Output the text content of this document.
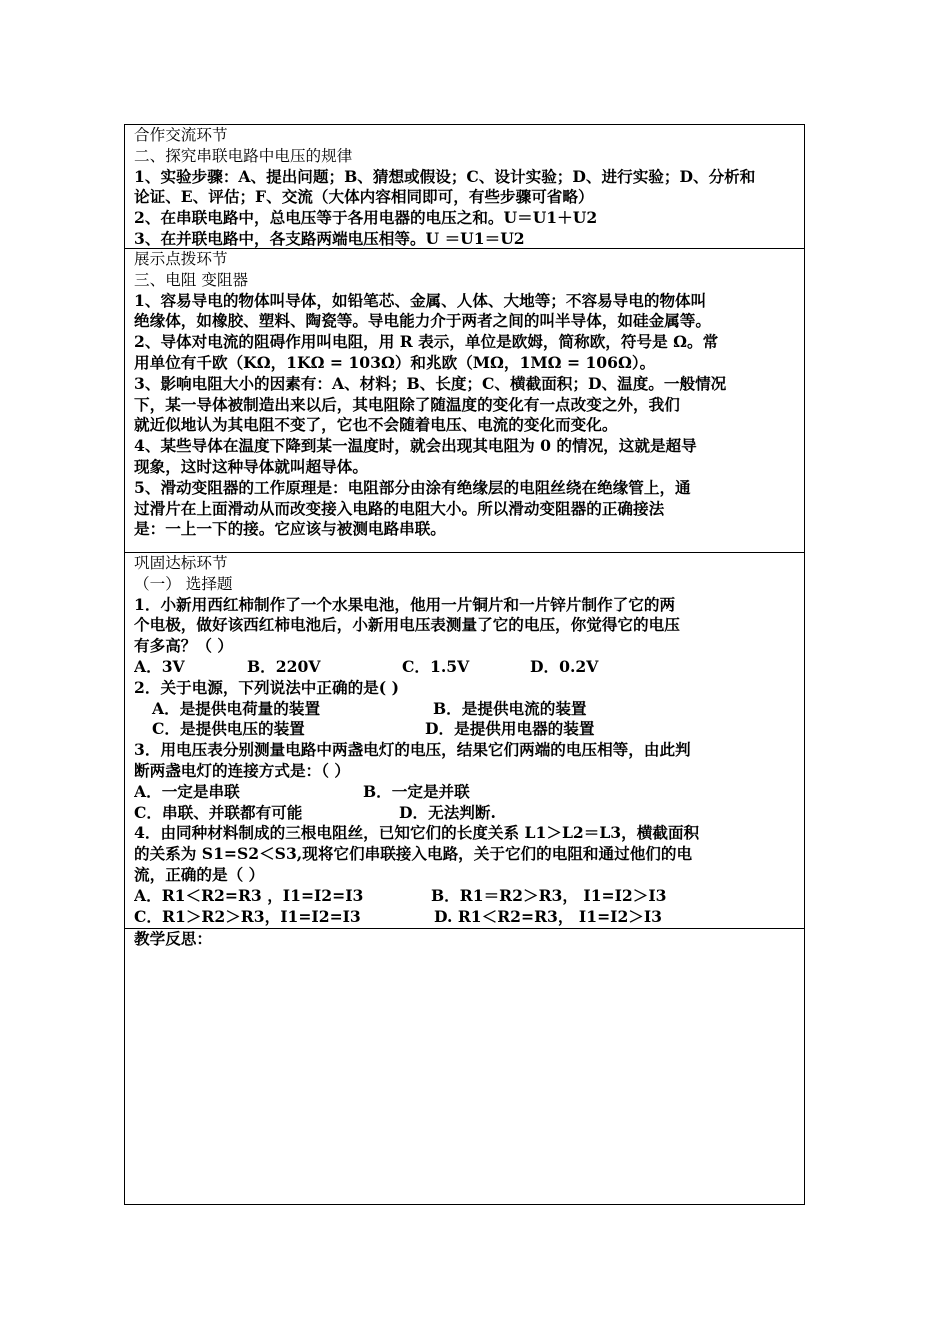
合作交流环节
二、探究串联电路中电压的规律
1、实验步骤：A、提出问题；B、猜想或假设；C、设计实验；D、进行实验；D、分析和
论证、E、评估；F、交流（大体内容相同即可，有些步骤可省略）
2、在串联电路中，总电压等于各用电器的电压之和。U＝U1＋U2
3、在并联电路中，各支路两端电压相等。U ＝U1＝U2
展示点拨环节
三、电阻 变阻器
1、容易导电的物体叫导体，如铅笔芯、金属、人体、大地等；不容易导电的物体叫
绝缘体，如橡胶、塑料、陶瓷等。导电能力介于两者之间的叫半导体，如硅金属等。
2、导体对电流的阻碍作用叫电阻，用 R 表示，单位是欧姆，简称欧，符号是 Ω。常
用单位有千欧（KΩ，1KΩ = 103Ω）和兆欧（MΩ，1MΩ = 106Ω）。
3、影响电阻大小的因素有：A、材料；B、长度；C、横截面积；D、温度。一般情况
下，某一导体被制造出来以后，其电阻除了随温度的变化有一点改变之外，我们
就近似地认为其电阻不变了，它也不会随着电压、电流的变化而变化。
4、某些导体在温度下降到某一温度时，就会出现其电阻为 0 的情况，这就是超导
现象，这时这种导体就叫超导体。
5、滑动变阻器的工作原理是：电阻部分由涂有绝缘层的电阻丝绕在绝缘管上，通
过滑片在上面滑动从而改变接入电路的电阻大小。所以滑动变阻器的正确接法
是：一上一下的接。它应该与被测电路串联。
巩固达标环节
（一） 选择题
1．小新用西红柿制作了一个水果电池，他用一片铜片和一片锌片制作了它的两
个电极，做好该西红柿电池后，小新用电压表测量了它的电压，你觉得它的电压
有多高？（ ）
A．3V	B．220V	C．1.5V	D．0.2V
2．关于电源，下列说法中正确的是( )
A．是提供电荷量的装置	B．是提供电流的装置
C．是提供电压的装置	D．是提供用电器的装置
3．用电压表分别测量电路中两盏电灯的电压，结果它们两端的电压相等，由此判
断两盏电灯的连接方式是：（ ）
A．一定是串联	B．一定是并联
C．串联、并联都有可能	D．无法判断.
4．由同种材料制成的三根电阻丝，已知它们的长度关系 L1＞L2＝L3，横截面积
的关系为 S1=S2＜S3,现将它们串联接入电路，关于它们的电阻和通过他们的电
流，正确的是（ ）
A．R1＜R2=R3 ，I1=I2=I3	B．R1＝R2＞R3， I1=I2＞I3
C．R1＞R2＞R3，I1=I2=I3	D. R1＜R2=R3， I1=I2＞I3
教学反思：
